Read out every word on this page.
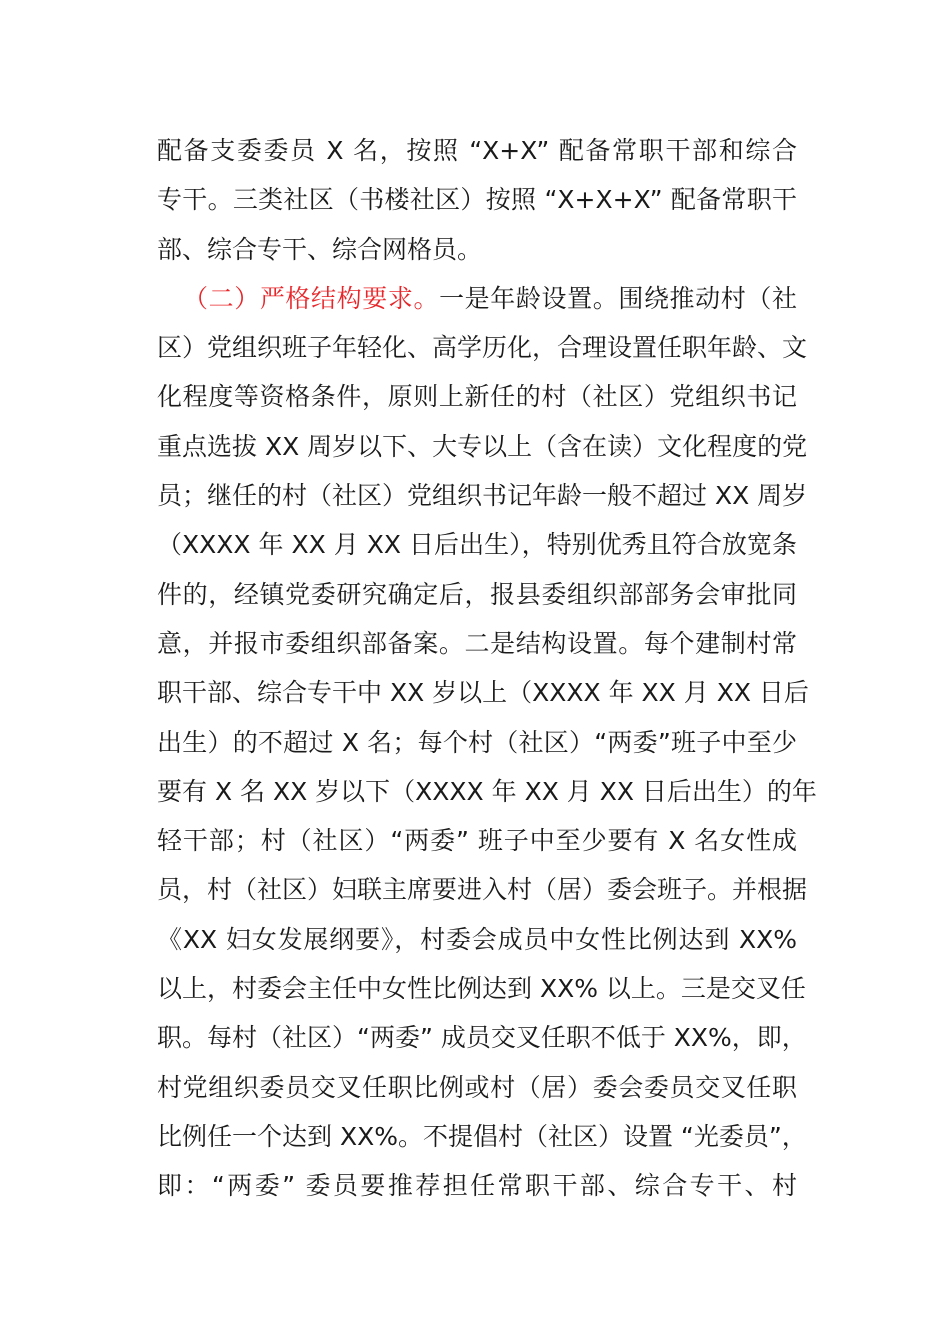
配备支委委员 X 名，按照 “X+X” 配备常职干部和综合
专干。三类社区（书楼社区）按照 “X+X+X” 配备常职干
部、综合专干、综合网格员。
（二）严格结构要求。一是年龄设置。围绕推动村（社
区）党组织班子年轻化、高学历化，合理设置任职年龄、文
化程度等资格条件，原则上新任的村（社区）党组织书记
重点选拔 XX 周岁以下、大专以上（含在读）文化程度的党
员；继任的村（社区）党组织书记年龄一般不超过 XX 周岁
（XXXX 年 XX 月 XX 日后出生），特别优秀且符合放宽条
件的，经镇党委研究确定后，报县委组织部部务会审批同
意，并报市委组织部备案。二是结构设置。每个建制村常
职干部、综合专干中 XX 岁以上（XXXX 年 XX 月 XX 日后
出生）的不超过 X 名；每个村（社区）“两委”班子中至少
要有 X 名 XX 岁以下（XXXX 年 XX 月 XX 日后出生）的年
轻干部；村（社区）“两委” 班子中至少要有 X 名女性成
员，村（社区）妇联主席要进入村（居）委会班子。并根据
《XX 妇女发展纲要》，村委会成员中女性比例达到 XX%
以上，村委会主任中女性比例达到 XX% 以上。三是交叉任
职。每村（社区）“两委” 成员交叉任职不低于 XX%，即，
村党组织委员交叉任职比例或村（居）委会委员交叉任职
比例任一个达到 XX%。不提倡村（社区）设置 “光委员”，
即：“两委” 委员要推荐担任常职干部、综合专干、村
